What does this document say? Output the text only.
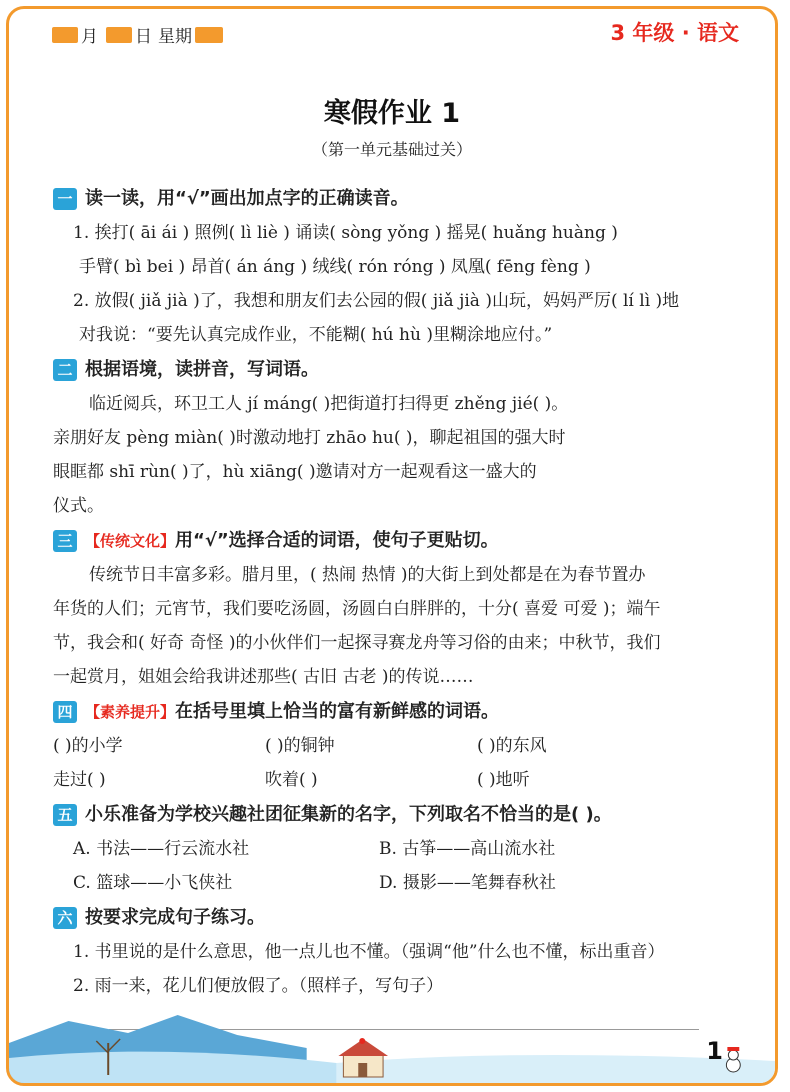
月 日 星期	3 年级 · 语文
寒假作业 1
（第一单元基础过关）
一 读一读，用“√”画出加点字的正确读音。
1. 挨打( āi ái ) 照例( lì liè ) 诵读( sòng yǒng ) 摇晃( huǎng huàng )
手臂( bì bei ) 昂首( án áng ) 绒线( rón róng ) 凤凰( fēng fèng )
2. 放假( jiǎ jià )了，我想和朋友们去公园的假( jiǎ jià )山玩，妈妈严厉( lí lì )地
对我说：“要先认真完成作业，不能糊( hú hù )里糊涂地应付。”
二 根据语境，读拼音，写词语。
临近阅兵，环卫工人 jí máng( )把街道打扫得更 zhěng jié( )。
亲朋好友 pèng miàn( )时激动地打 zhāo hu( )，聊起祖国的强大时
眼眶都 shī rùn( )了，hù xiāng( )邀请对方一起观看这一盛大的
仪式。
三 【传统文化】 用“√”选择合适的词语，使句子更贴切。
传统节日丰富多彩。腊月里，( 热闹 热情 )的大街上到处都是在为春节置办
年货的人们；元宵节，我们要吃汤圆，汤圆白白胖胖的，十分( 喜爱 可爱 )；端午
节，我会和( 好奇 奇怪 )的小伙伴们一起探寻赛龙舟等习俗的由来；中秋节，我们
一起赏月，姐姐会给我讲述那些( 古旧 古老 )的传说……
四 【素养提升】 在括号里填上恰当的富有新鲜感的词语。
( )的小学	( )的铜钟	( )的东风
走过( )	吹着( )	( )地听
五 小乐准备为学校兴趣社团征集新的名字，下列取名不恰当的是( )。
A. 书法——行云流水社	B. 古筝——高山流水社
C. 篮球——小飞侠社	D. 摄影——笔舞春秋社
六 按要求完成句子练习。
1. 书里说的是什么意思，他一点儿也不懂。（强调“他”什么也不懂，标出重音）
2. 雨一来，花儿们便放假了。（照样子，写句子）
1
